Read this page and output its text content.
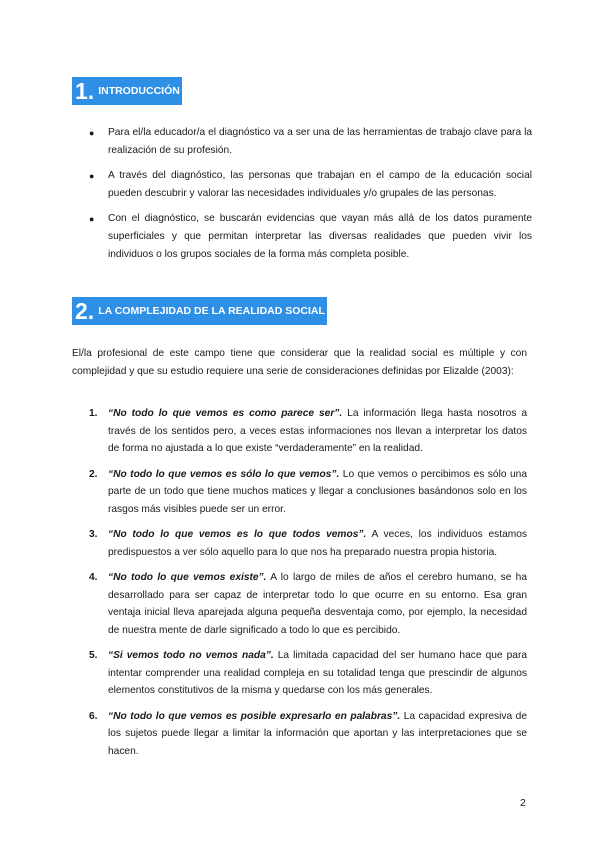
1 . INTRODUCCIÓN
● Para el/la educador/a el diagnóstico va a ser una de las herramientas de trabajo clave para la realización de su profesión.
● A través del diagnóstico, las personas que trabajan en el campo de la educación social pueden descubrir y valorar las necesidades individuales y/o grupales de las personas.
● Con el diagnóstico, se buscarán evidencias que vayan más allá de los datos puramente superficiales y que permitan interpretar las diversas realidades que pueden vivir los individuos o los grupos sociales de la forma más completa posible.
2 . LA COMPLEJIDAD DE LA REALIDAD SOCIAL

El/la profesional de este campo tiene que considerar que la realidad social es múltiple y con complejidad y que su estudio requiere una serie de consideraciones definidas por Elizalde (2003):

1. “No todo lo que vemos es como parece ser”. La información llega hasta nosotros a través de los sentidos pero, a veces estas informaciones nos llevan a interpretar los datos de forma no ajustada a lo que existe “verdaderamente” en la realidad.
2. “No todo lo que vemos es sólo lo que vemos”. Lo que vemos o percibimos es sólo una parte de un todo que tiene muchos matices y llegar a conclusiones basándonos solo en los rasgos más visibles puede ser un error.
3. “No todo lo que vemos es lo que todos vemos”. A veces, los individuos estamos predispuestos a ver sólo aquello para lo que nos ha preparado nuestra propia historia.
4. “No todo lo que vemos existe”. A lo largo de miles de años el cerebro humano, se ha desarrollado para ser capaz de interpretar todo lo que ocurre en su entorno. Esa gran ventaja inicial lleva aparejada alguna pequeña desventaja como, por ejemplo, la necesidad de nuestra mente de darle significado a todo lo que es percibido.
5. “Si vemos todo no vemos nada”. La limitada capacidad del ser humano hace que para intentar comprender una realidad compleja en su totalidad tenga que prescindir de algunos elementos constitutivos de la misma y quedarse con los más generales.
6. “No todo lo que vemos es posible expresarlo en palabras”. La capacidad expresiva de los sujetos puede llegar a limitar la información que aportan y las interpretaciones que se hacen.
2
